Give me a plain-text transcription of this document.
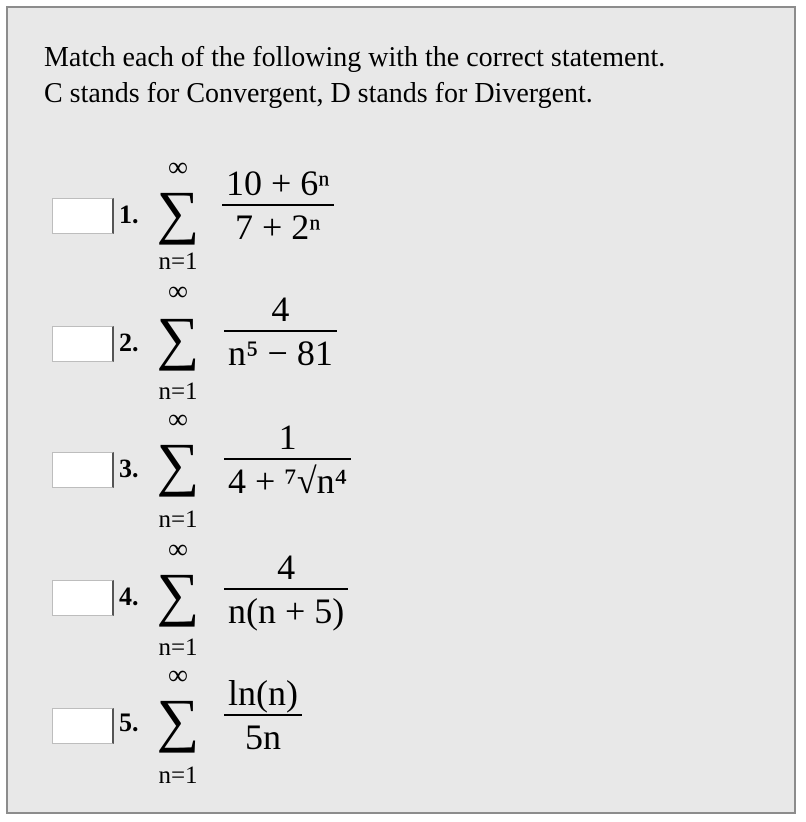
Match each of the following with the correct statement.
C stands for Convergent, D stands for Divergent.
1.
∞
∑
n=1
10 + 6ⁿ
7 + 2ⁿ
2.
∞
∑
n=1
4
n⁵ − 81
3.
∞
∑
n=1
1
4 + ⁷√n⁴
4.
∞
∑
n=1
4
n(n + 5)
5.
∞
∑
n=1
ln(n)
5n
